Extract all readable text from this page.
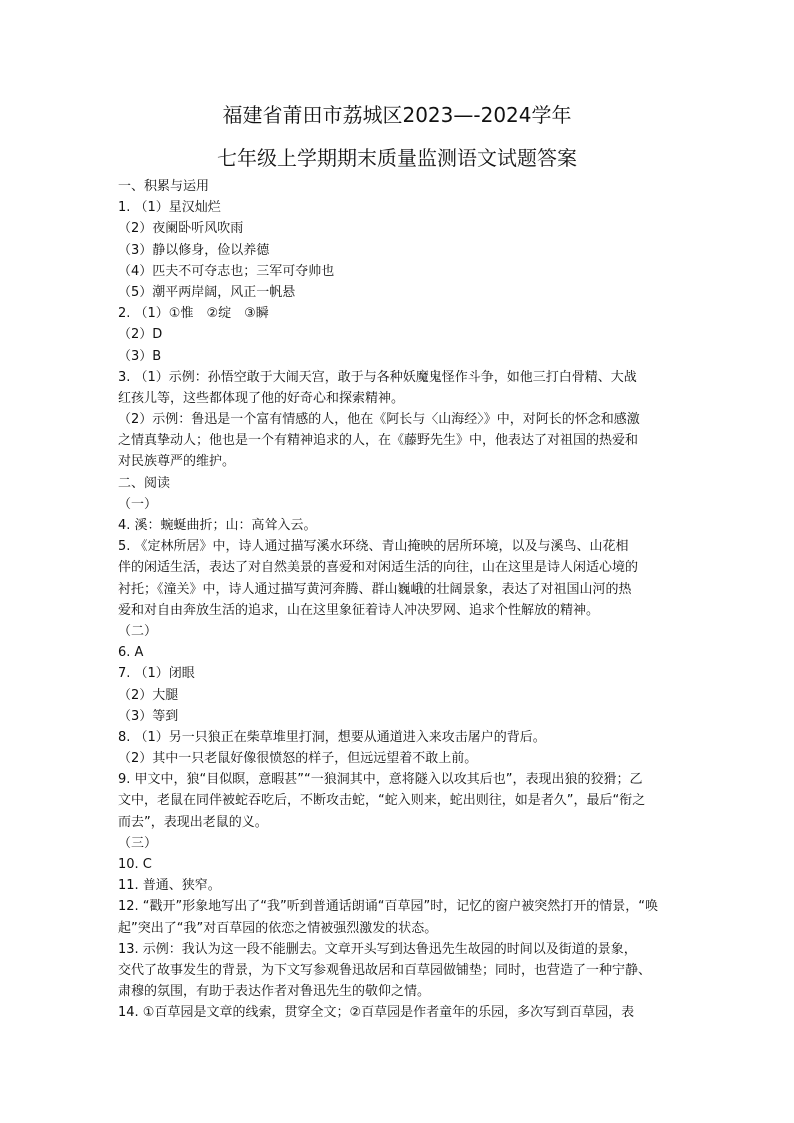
福建省莆田市荔城区2023—-2024学年
七年级上学期期末质量监测语文试题答案
一、积累与运用
1. （1）星汉灿烂
（2）夜阑卧听风吹雨
（3）静以修身，俭以养德
（4）匹夫不可夺志也；三军可夺帅也
（5）潮平两岸阔，风正一帆悬
2. （1）①惟　②绽　③瞬
（2）D
（3）B
3. （1）示例：孙悟空敢于大闹天宫，敢于与各种妖魔鬼怪作斗争，如他三打白骨精、大战
红孩儿等，这些都体现了他的好奇心和探索精神。
（2）示例：鲁迅是一个富有情感的人，他在《阿长与〈山海经〉》中，对阿长的怀念和感激
之情真挚动人；他也是一个有精神追求的人，在《藤野先生》中，他表达了对祖国的热爱和
对民族尊严的维护。
二、阅读
（一）
4. 溪：蜿蜒曲折；山：高耸入云。
5. 《定林所居》中，诗人通过描写溪水环绕、青山掩映的居所环境，以及与溪鸟、山花相
伴的闲适生活，表达了对自然美景的喜爱和对闲适生活的向往，山在这里是诗人闲适心境的
衬托；《潼关》中，诗人通过描写黄河奔腾、群山巍峨的壮阔景象，表达了对祖国山河的热
爱和对自由奔放生活的追求，山在这里象征着诗人冲决罗网、追求个性解放的精神。
（二）
6. A
7. （1）闭眼
（2）大腿
（3）等到
8. （1）另一只狼正在柴草堆里打洞，想要从通道进入来攻击屠户的背后。
（2）其中一只老鼠好像很愤怒的样子，但远远望着不敢上前。
9. 甲文中，狼“目似瞑，意暇甚”“一狼洞其中，意将隧入以攻其后也”，表现出狼的狡猾；乙
文中，老鼠在同伴被蛇吞吃后，不断攻击蛇，“蛇入则来，蛇出则往，如是者久”，最后“衔之
而去”，表现出老鼠的义。
（三）
10. C
11. 普通、狭窄。
12. “戳开”形象地写出了“我”听到普通话朗诵“百草园”时，记忆的窗户被突然打开的情景，“唤
起”突出了“我”对百草园的依恋之情被强烈激发的状态。
13. 示例：我认为这一段不能删去。文章开头写到达鲁迅先生故园的时间以及街道的景象，
交代了故事发生的背景，为下文写参观鲁迅故居和百草园做铺垫；同时，也营造了一种宁静、
肃穆的氛围，有助于表达作者对鲁迅先生的敬仰之情。
14. ①百草园是文章的线索，贯穿全文；②百草园是作者童年的乐园，多次写到百草园，表
